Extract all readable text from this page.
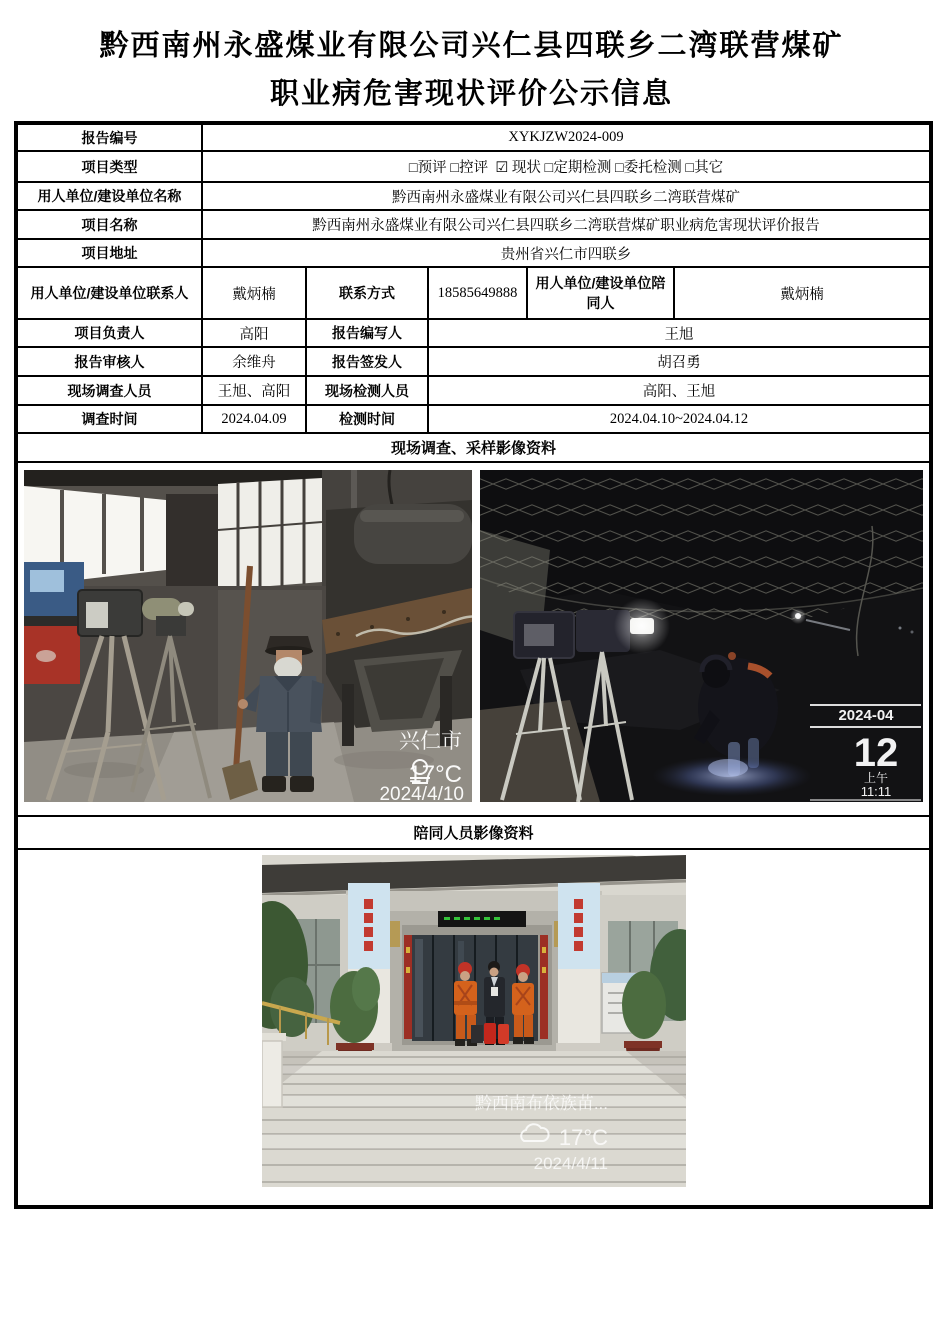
黔西南州永盛煤业有限公司兴仁县四联乡二湾联营煤矿
职业病危害现状评价公示信息
报告编号	XYKJZW2024-009				
项目类型	□预评 □控评  ☑ 现状 □定期检测 □委托检测 □其它				
用人单位/建设单位名称	黔西南州永盛煤业有限公司兴仁县四联乡二湾联营煤矿				
项目名称	黔西南州永盛煤业有限公司兴仁县四联乡二湾联营煤矿职业病危害现状评价报告				
项目地址	贵州省兴仁市四联乡				
用人单位/建设单位联系人	戴炳楠	联系方式	18585649888	用人单位/建设单位陪同人	戴炳楠
项目负责人	高阳	报告编写人	王旭		
报告审核人	余维舟	报告签发人	胡召勇		
现场调查人员	王旭、高阳	现场检测人员	高阳、王旭		
调查时间	2024.04.09	检测时间	2024.04.10~2024.04.12		
现场调查、采样影像资料					

兴仁市
17°C
2024/4/10
2024-04
12
上午
11:11

陪同人员影像资料					

黔西南布依族苗...
17°C
2024/4/11					
